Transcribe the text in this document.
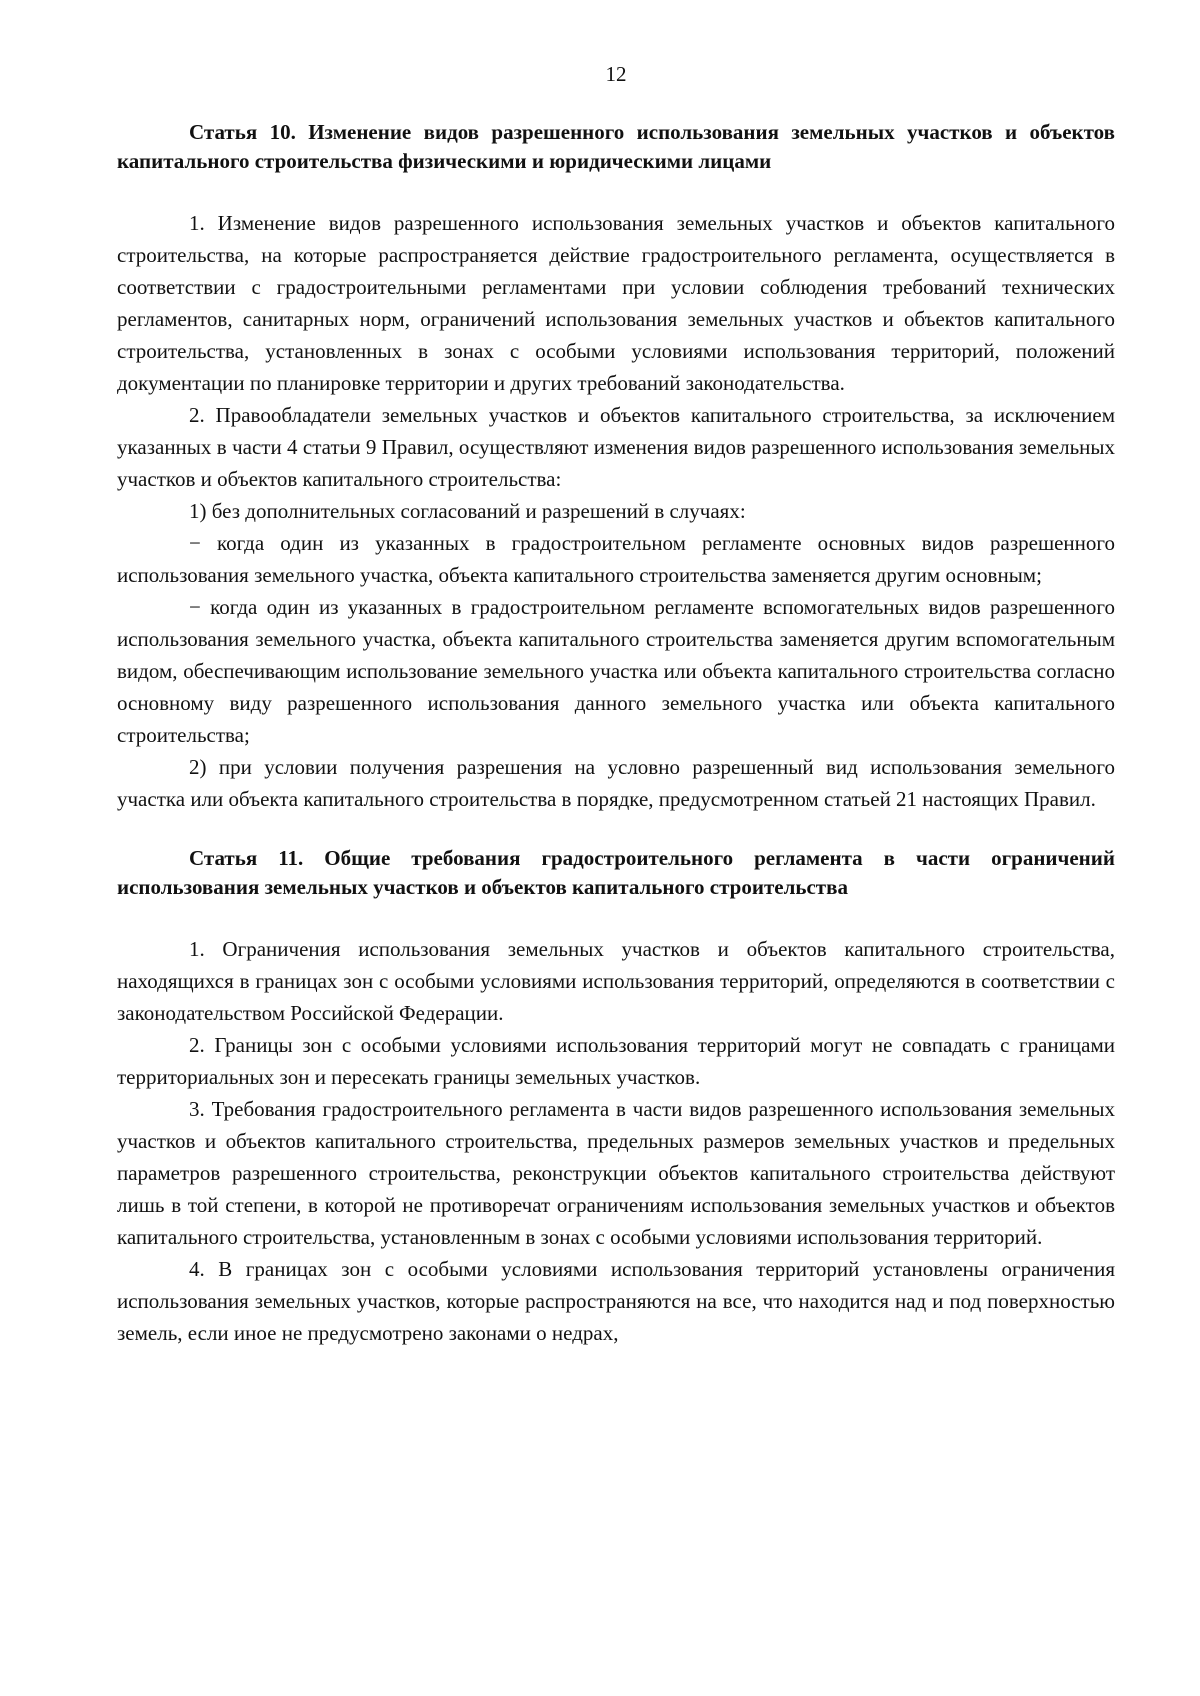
12

Статья 10. Изменение видов разрешенного использования земельных участков и объектов капитального строительства физическими и юридическими лицами

1. Изменение видов разрешенного использования земельных участков и объектов капитального строительства, на которые распространяется действие градостроительного регламента, осуществляется в соответствии с градостроительными регламентами при условии соблюдения требований технических регламентов, санитарных норм, ограничений использования земельных участков и объектов капитального строительства, установленных в зонах с особыми условиями использования территорий, положений документации по планировке территории и других требований законодательства.

2. Правообладатели земельных участков и объектов капитального строительства, за исключением указанных в части 4 статьи 9 Правил, осуществляют изменения видов разрешенного использования земельных участков и объектов капитального строительства:

1) без дополнительных согласований и разрешений в случаях:

− когда один из указанных в градостроительном регламенте основных видов разрешенного использования земельного участка, объекта капитального строительства заменяется другим основным;

− когда один из указанных в градостроительном регламенте вспомогательных видов разрешенного использования земельного участка, объекта капитального строительства заменяется другим вспомогательным видом, обеспечивающим использование земельного участка или объекта капитального строительства согласно основному виду разрешенного использования данного земельного участка или объекта капитального строительства;

2) при условии получения разрешения на условно разрешенный вид использования земельного участка или объекта капитального строительства в порядке, предусмотренном статьей 21 настоящих Правил.

Статья 11. Общие требования градостроительного регламента в части ограничений использования земельных участков и объектов капитального строительства

1. Ограничения использования земельных участков и объектов капитального строительства, находящихся в границах зон с особыми условиями использования территорий, определяются в соответствии с законодательством Российской Федерации.

2. Границы зон с особыми условиями использования территорий могут не совпадать с границами территориальных зон и пересекать границы земельных участков.

3. Требования градостроительного регламента в части видов разрешенного использования земельных участков и объектов капитального строительства, предельных размеров земельных участков и предельных параметров разрешенного строительства, реконструкции объектов капитального строительства действуют лишь в той степени, в которой не противоречат ограничениям использования земельных участков и объектов капитального строительства, установленным в зонах с особыми условиями использования территорий.

4. В границах зон с особыми условиями использования территорий установлены ограничения использования земельных участков, которые распространяются на все, что находится над и под поверхностью земель, если иное не предусмотрено законами о недрах,
